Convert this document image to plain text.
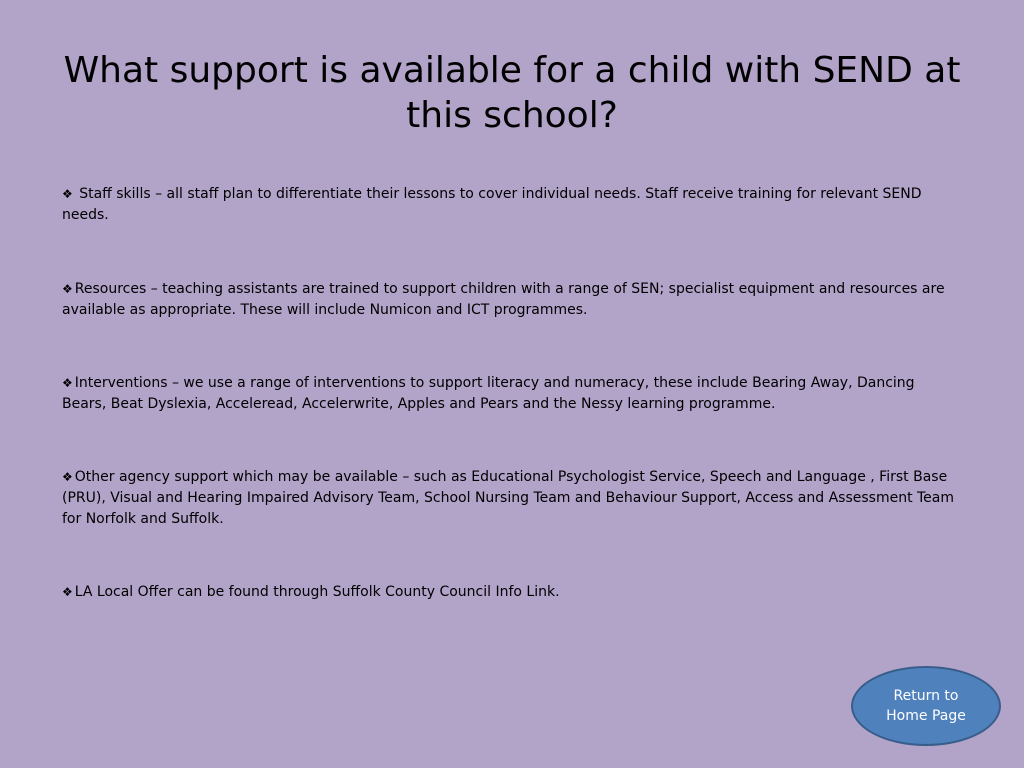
What support is available for a child with SEND at this school?
❖ Staff skills – all staff plan to differentiate their lessons to cover individual needs. Staff receive training for relevant SEND needs.
❖ Resources – teaching assistants are trained to support children with a range of SEN; specialist equipment and resources are available as appropriate. These will include Numicon and ICT programmes.
❖ Interventions – we use a range of interventions to support literacy and numeracy, these include Bearing Away, Dancing Bears, Beat Dyslexia, Acceleread, Accelerwrite, Apples and Pears and the Nessy learning programme.
❖ Other agency support which may be available – such as Educational Psychologist Service, Speech and Language , First Base (PRU), Visual and Hearing Impaired Advisory Team, School Nursing Team and Behaviour Support, Access and Assessment Team for Norfolk and Suffolk.
❖ LA Local Offer can be found through Suffolk County Council Info Link.
Return to Home Page
